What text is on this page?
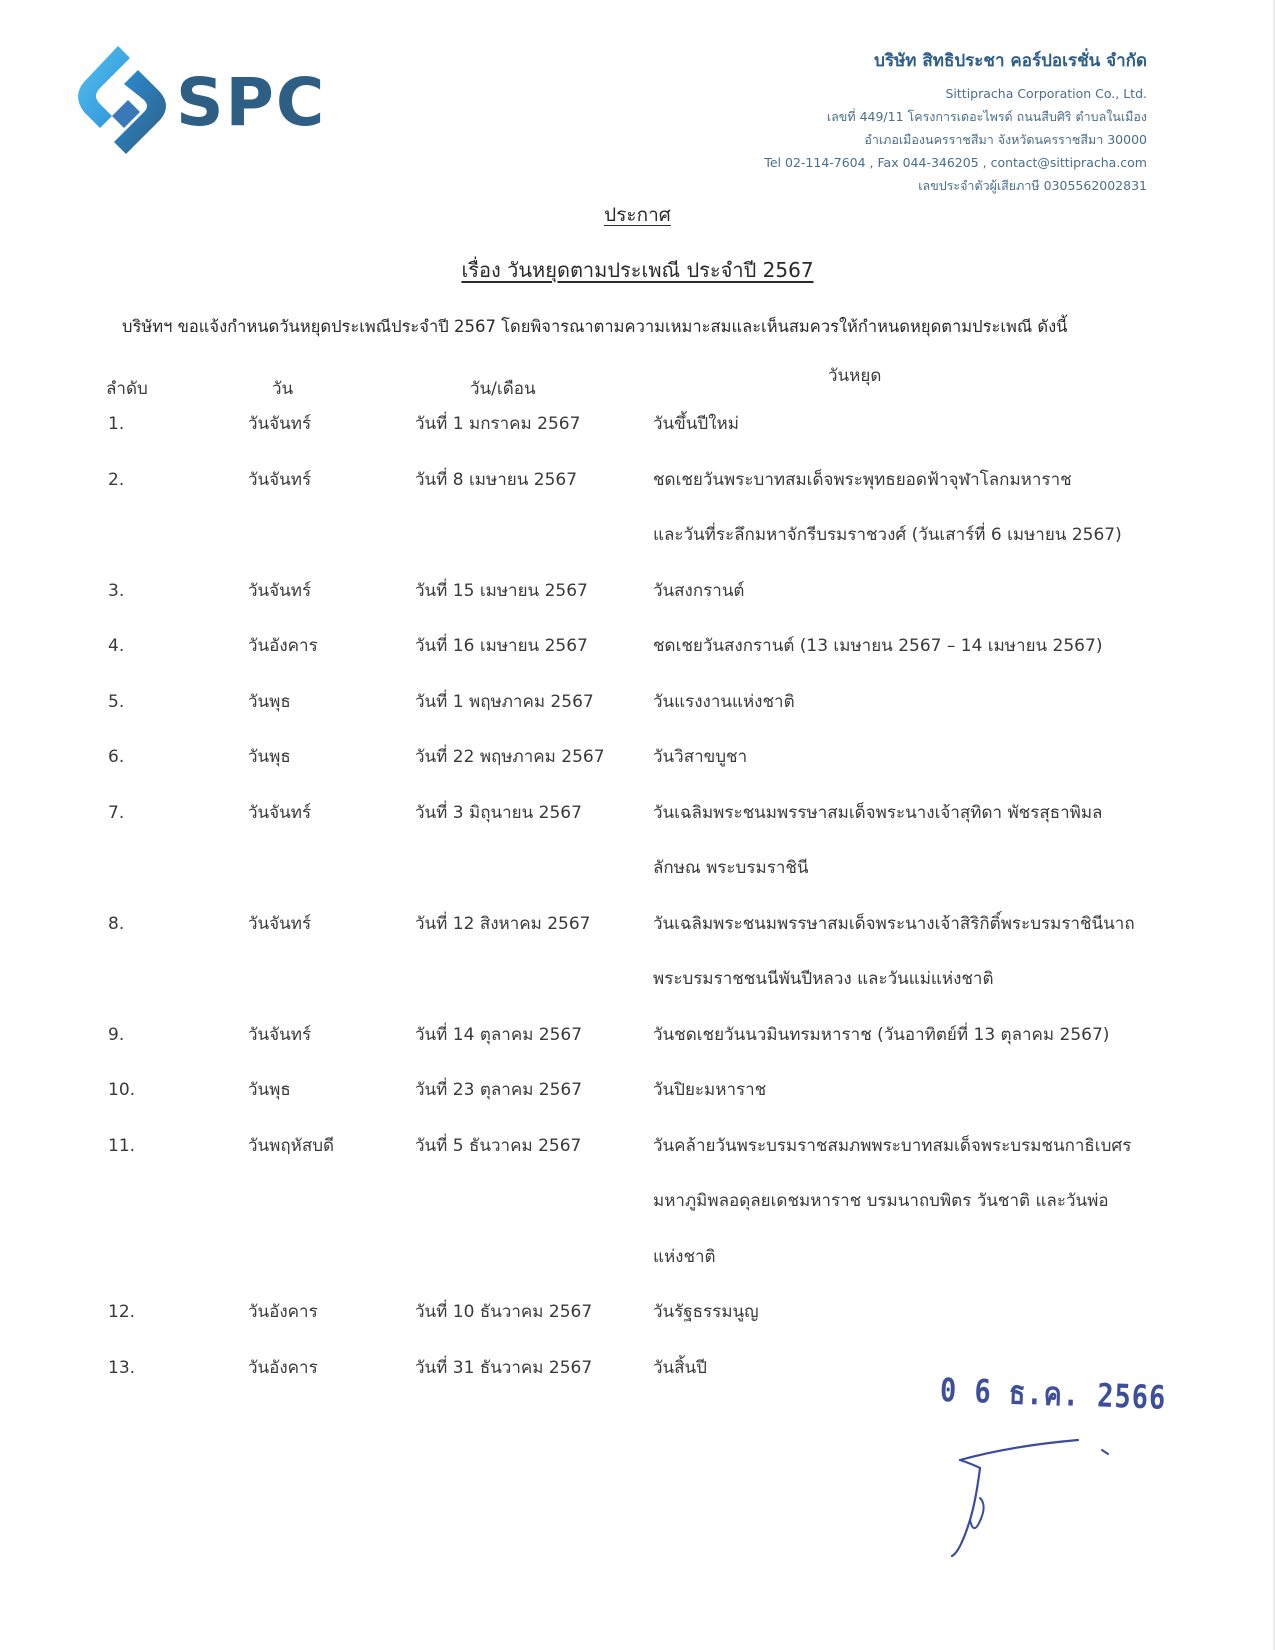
SPC
บริษัท สิทธิประชา คอร์ปอเรชั่น จำกัด
Sittipracha Corporation Co., Ltd.
เลขที่ 449/11 โครงการเดอะไพรด์ ถนนสืบศิริ ตำบลในเมือง
อำเภอเมืองนครราชสีมา จังหวัดนครราชสีมา 30000
Tel 02-114-7604 , Fax 044-346205 , contact@sittipracha.com
เลขประจำตัวผู้เสียภาษี 0305562002831
ประกาศ
เรื่อง วันหยุดตามประเพณี ประจำปี 2567
บริษัทฯ ขอแจ้งกำหนดวันหยุดประเพณีประจำปี 2567 โดยพิจารณาตามความเหมาะสมและเห็นสมควรให้กำหนดหยุดตามประเพณี ดังนี้
ลำดับ	วัน	วัน/เดือน
วันหยุด
1.	วันจันทร์	วันที่ 1 มกราคม 2567	วันขึ้นปีใหม่
2.	วันจันทร์	วันที่ 8 เมษายน 2567	ชดเชยวันพระบาทสมเด็จพระพุทธยอดฟ้าจุฬาโลกมหาราช
และวันที่ระลึกมหาจักรีบรมราชวงศ์ (วันเสาร์ที่ 6 เมษายน 2567)
3.	วันจันทร์	วันที่ 15 เมษายน 2567	วันสงกรานต์
4.	วันอังคาร	วันที่ 16 เมษายน 2567	ชดเชยวันสงกรานต์ (13 เมษายน 2567 – 14 เมษายน 2567)
5.	วันพุธ	วันที่ 1 พฤษภาคม 2567	วันแรงงานแห่งชาติ
6.	วันพุธ	วันที่ 22 พฤษภาคม 2567	วันวิสาขบูชา
7.	วันจันทร์	วันที่ 3 มิถุนายน 2567	วันเฉลิมพระชนมพรรษาสมเด็จพระนางเจ้าสุทิดา พัชรสุธาพิมล
ลักษณ พระบรมราชินี
8.	วันจันทร์	วันที่ 12 สิงหาคม 2567	วันเฉลิมพระชนมพรรษาสมเด็จพระนางเจ้าสิริกิติ์พระบรมราชินีนาถ
พระบรมราชชนนีพันปีหลวง และวันแม่แห่งชาติ
9.	วันจันทร์	วันที่ 14 ตุลาคม 2567	วันชดเชยวันนวมินทรมหาราช (วันอาทิตย์ที่ 13 ตุลาคม 2567)
10.	วันพุธ	วันที่ 23 ตุลาคม 2567	วันปิยะมหาราช
11.	วันพฤหัสบดี	วันที่ 5 ธันวาคม 2567	วันคล้ายวันพระบรมราชสมภพพระบาทสมเด็จพระบรมชนกาธิเบศร
มหาภูมิพลอดุลยเดชมหาราช บรมนาถบพิตร วันชาติ และวันพ่อ
แห่งชาติ
12.	วันอังคาร	วันที่ 10 ธันวาคม 2567	วันรัฐธรรมนูญ
13.	วันอังคาร	วันที่ 31 ธันวาคม 2567	วันสิ้นปี
0 6 ธ.ค. 2566
